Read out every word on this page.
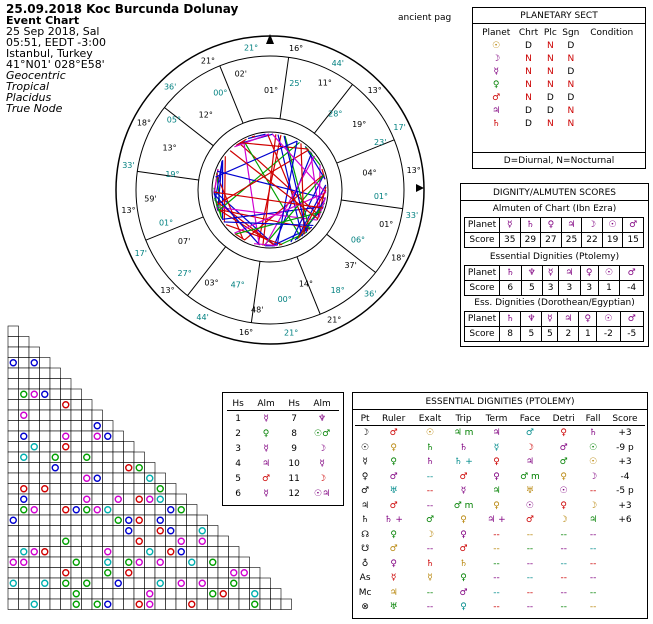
25.09.2018 Koc Burcunda Dolunay
Event Chart
25 Sep 2018, Sal
05:51, EEDT -3:00
Istanbul, Turkey
41°N01' 028°E58'
Geocentric
Tropical
Placidus
True Node
ancient pag
16°
44'
13°
17'
13°
33'
18°
36'
21°
21°
16°
44'
13°
17'
13°
33'
18°
36'
21°
21°
01°
25' 11°
28°
19°
23'
04°
01°
01°
06°
37'
18°
14°
00°
48'
47°
03°
27°
07'
01°
59'
19°
13°
05°
12°
00°
02'
PLANETARY SECT
Planet	Chrt	Plc	Sgn	Condition
☉	D	N	D	
☽	N	N	N	
☿	N	N	D	
♀	N	N	N	
♂	N	D	D	
♃	D	D	N	
♄	D	N	N	
D=Diurnal, N=Nocturnal
DIGNITY/ALMUTEN SCORES
Almuten of Chart (Ibn Ezra)
Planet	☿	♄	♀	♃	☽	☉	♂
Score	35	29	27	25	22	19	15
Essential Dignities (Ptolemy)
Planet	♄	♆	☿	♃	♀	☉	♂
Score	6	5	3	3	3	1	-4
Ess. Dignities (Dorothean/Egyptian)
Planet	♄	♆	☿	♃	♀	☉	♂
Score	8	5	5	2	1	-2	-5
Hs	Alm	Hs	Alm
1	☿	7	♆
2	♀	8	☉♂
3	☿	9	☽
4	♃	10	☿
5	♂	11	☽
6	☿	12	☉♃
ESSENTIAL DIGNITIES (PTOLEMY)
Pt	Ruler	Exalt	Trip	Term	Face	Detri	Fall	Score
☽	♂	☉	♃ m	♃	♂	♀	♄	+3
☉	♀	♄	♄	☿	☽	♂	☉	-9 p
☿	♀	♄	♄ +	♀	♃	♂	☉	+3
♀	♂	--	♂	♀	♂ m	♀	☽	-4
♂	♅	--	☿	♃	♅	☉	--	-5 p
♃	♂	--	♂ m	♀	☉	♀	☽	+3
♄	♄ +	♂	♀	♃ +	♂	☽	♃	+6
☊	♀	☽	♀	--	--	--	--	
☋	♂	--	♂	--	--	--	--	
♁	♀	♄	♄	--	--	--	--	
As	☿	☿	♀	--	--	--	--	
Mc	♃	--	♂	--	--	--	--	
⊗	♅	--	♀	--	--	--	--	
